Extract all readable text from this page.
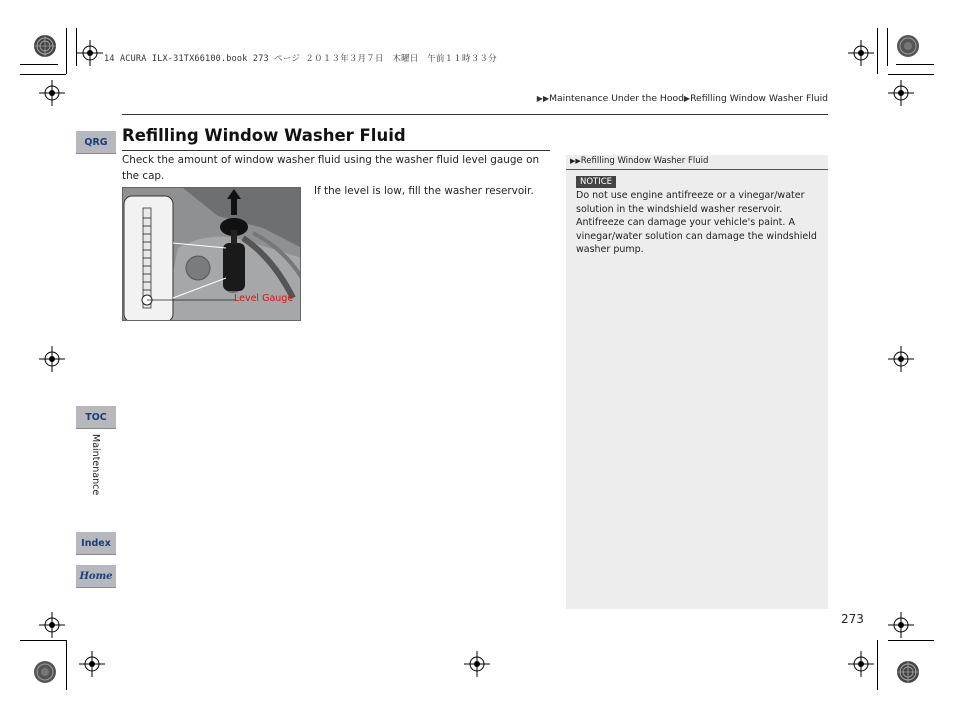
14 ACURA ILX-31TX66100.book 273 ページ ２０１３年３月７日　木曜日　午前１１時３３分
▶▶Maintenance Under the Hood▶Refilling Window Washer Fluid
QRG
TOC
Maintenance
Index
Home
Refilling Window Washer Fluid
Check the amount of window washer fluid using the washer fluid level gauge on the cap.
If the level is low, fill the washer reservoir.
Level Gauge
▶▶Refilling Window Washer Fluid
NOTICE
Do not use engine antifreeze or a vinegar/water solution in the windshield washer reservoir. Antifreeze can damage your vehicle's paint. A vinegar/water solution can damage the windshield washer pump.
273
